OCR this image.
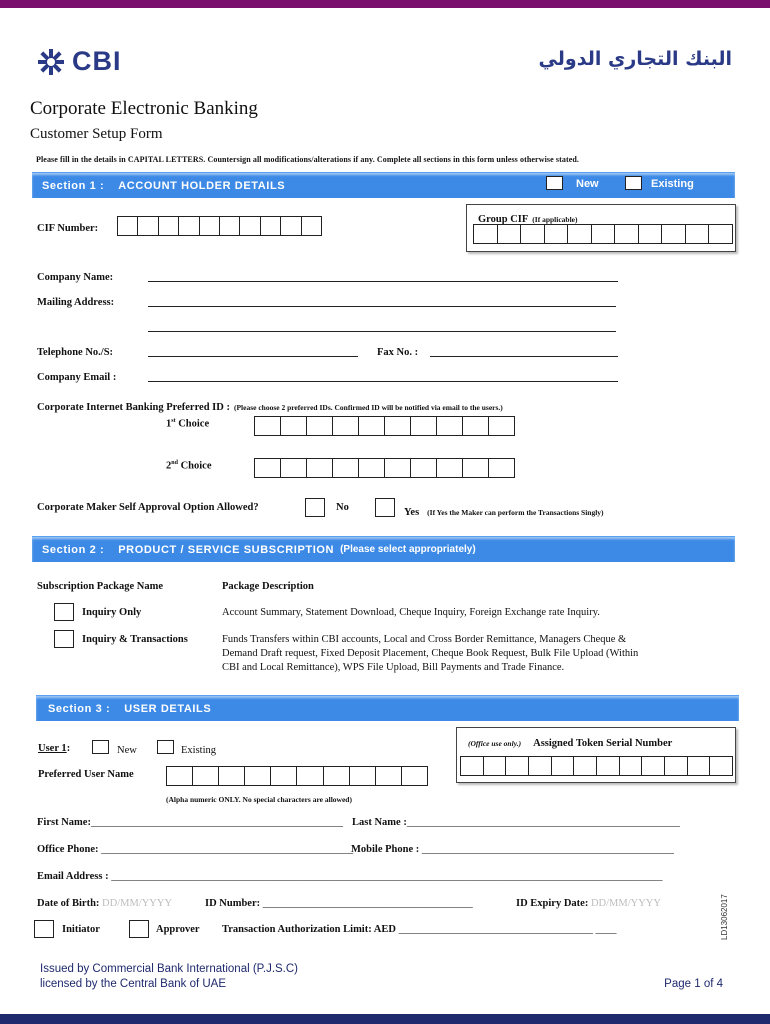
CBI	البنك التجاري الدولي
Corporate Electronic Banking
Customer Setup Form
Please fill in the details in CAPITAL LETTERS. Countersign all modifications/alterations if any. Complete all sections in this form unless otherwise stated.
Section 1 : ACCOUNT HOLDER DETAILS	New	Existing
Group CIF (If applicable)
CIF Number:
Company Name:
Mailing Address:
Telephone No./S:	Fax No. :
Company Email :
Corporate Internet Banking Preferred ID : (Please choose 2 preferred IDs. Confirmed ID will be notified via email to the users.)
1st Choice
2nd Choice
Corporate Maker Self Approval Option Allowed?	No	Yes (If Yes the Maker can perform the Transactions Singly)
Section 2 : PRODUCT / SERVICE SUBSCRIPTION (Please select appropriately)
Subscription Package Name	Package Description
Inquiry Only	Account Summary, Statement Download, Cheque Inquiry, Foreign Exchange rate Inquiry.
Inquiry & Transactions	Funds Transfers within CBI accounts, Local and Cross Border Remittance, Managers Cheque &
Demand Draft request, Fixed Deposit Placement, Cheque Book Request, Bulk File Upload (Within
CBI and Local Remittance), WPS File Upload, Bill Payments and Trade Finance.
Section 3 : USER DETAILS
(Office use only.) Assigned Token Serial Number
User 1:	New	Existing
Preferred User Name
(Alpha numeric ONLY. No special characters are allowed)
First Name:________________________________________________ Last Name :____________________________________________________
Office Phone: ________________________________________________
Mobile Phone : ________________________________________________
Email Address : _________________________________________________________________________________________________________
Date of Birth: DD/MM/YYYY	ID Number: ________________________________________	ID Expiry Date: DD/MM/YYYY
Initiator	Approver Transaction Authorization Limit: AED _____________________________________ ____	LD13062017
Issued by Commercial Bank International (P.J.S.C)
licensed by the Central Bank of UAE	Page 1 of 4
